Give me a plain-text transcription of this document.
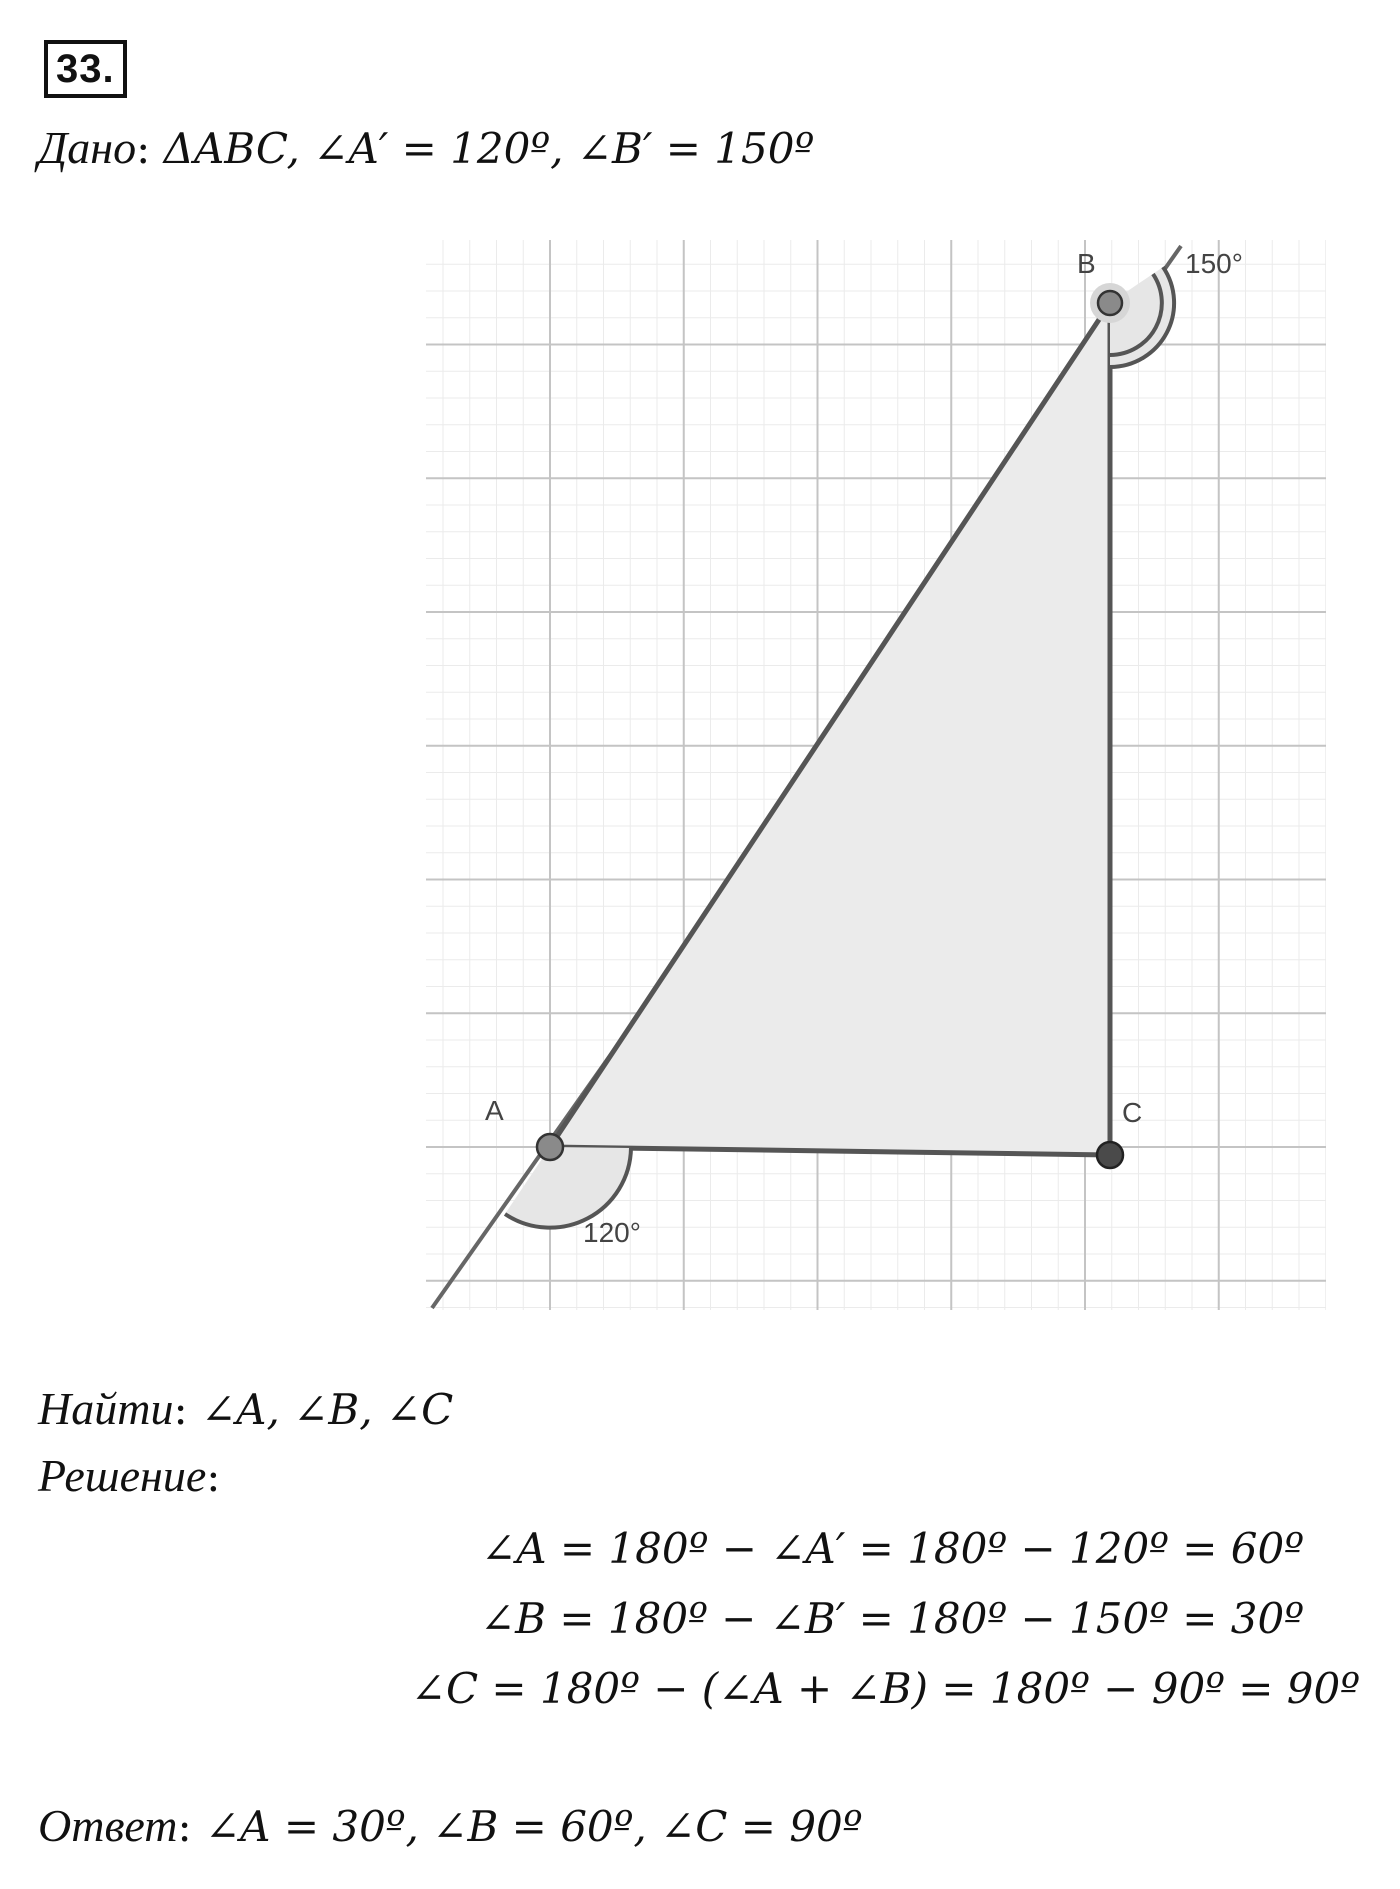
33.
Дано: ΔABC, ∠A′ = 120º, ∠B′ = 150º
B
A	C
150°
120°
Найти: ∠A, ∠B, ∠C
Решение:
∠A = 180º − ∠A′ = 180º − 120º = 60º
∠B = 180º − ∠B′ = 180º − 150º = 30º
∠C = 180º − (∠A + ∠B) = 180º − 90º = 90º
Ответ: ∠A = 30º, ∠B = 60º, ∠C = 90º
